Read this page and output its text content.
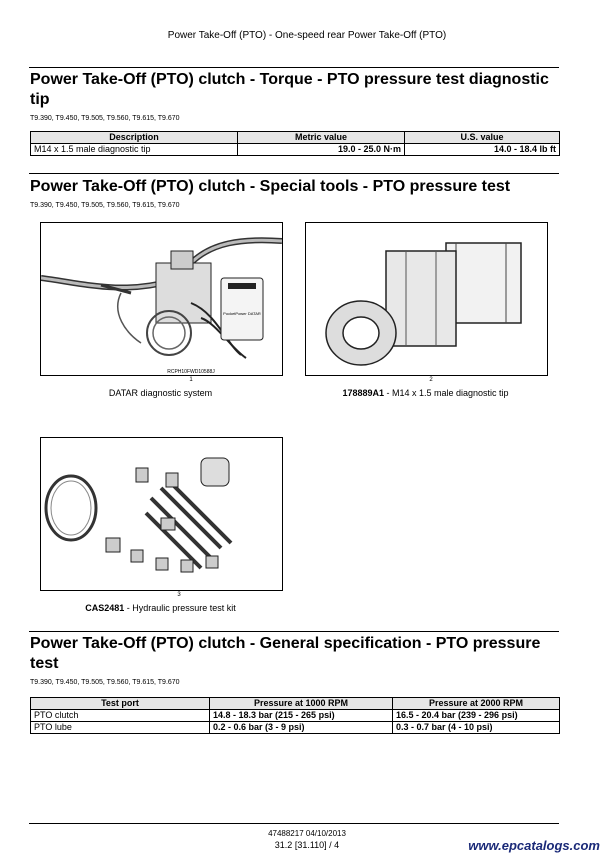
Power Take-Off (PTO) - One-speed rear Power Take-Off (PTO)
Power Take-Off (PTO) clutch - Torque - PTO pressure test diagnostic tip
T9.390, T9.450, T9.505, T9.560, T9.615, T9.670
Description	Metric value	U.S. value
M14 x 1.5 male diagnostic tip	19.0 - 25.0 N·m	14.0 - 18.4 lb ft
Power Take-Off (PTO) clutch - Special tools - PTO pressure test
T9.390, T9.450, T9.505, T9.560, T9.615, T9.670
PocketPower DATAR
RCPH10FWD10588J
1
DATAR diagnostic system
2
178889A1 - M14 x 1.5 male diagnostic tip
3
CAS2481 - Hydraulic pressure test kit
Power Take-Off (PTO) clutch - General specification - PTO pressure test
T9.390, T9.450, T9.505, T9.560, T9.615, T9.670
Test port	Pressure at 1000 RPM	Pressure at 2000 RPM
PTO clutch	14.8 - 18.3 bar (215 - 265 psi)	16.5 - 20.4 bar (239 - 296 psi)
PTO lube	0.2 - 0.6 bar (3 - 9 psi)	0.3 - 0.7 bar (4 - 10 psi)
47488217 04/10/2013
31.2 [31.110] / 4	www.epcatalogs.com
